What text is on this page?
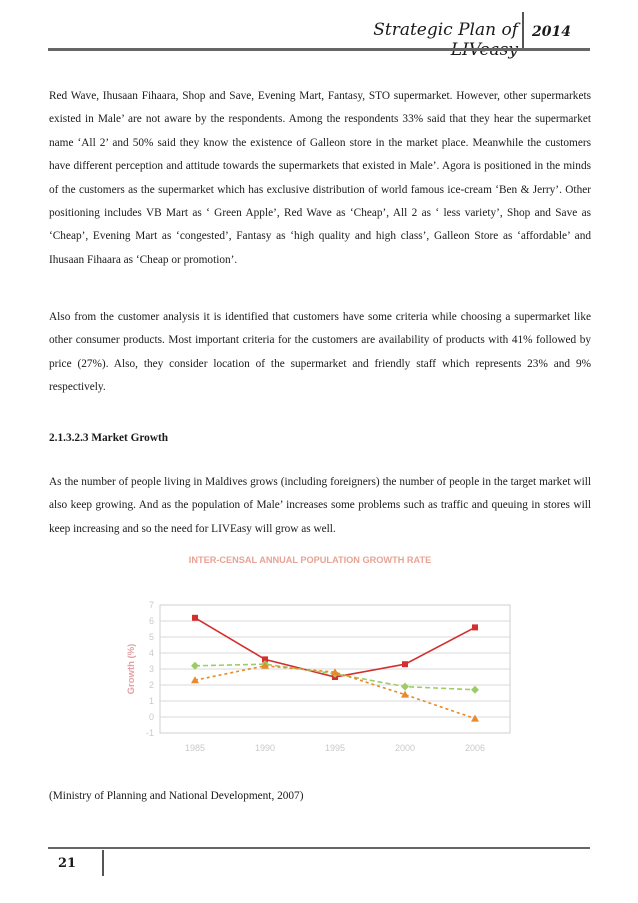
Strategic Plan of 2014

Red Wave, Ihusaan Fihaara, Shop and Save, Evening Mart, Fantasy, STO supermarket. However, other supermarkets existed in Male’ are not aware by the respondents. Among the respondents 33% said that they hear the supermarket name ‘All 2’ and 50% said they know the existence of Galleon store in the market place. Meanwhile the customers have different perception and attitude towards the supermarkets that existed in Male’. Agora is positioned in the minds of the customers as the supermarket which has exclusive distribution of world famous ice-cream ‘Ben & Jerry’. Other positioning includes VB Mart as ‘ Green Apple’, Red Wave as ‘Cheap’, All 2 as ‘ less variety’, Shop and Save as ‘Cheap’, Evening Mart as ‘congested’, Fantasy as ‘high quality and high class’, Galleon Store as ‘affordable’ and Ihusaan Fihaara as ‘Cheap or promotion’.

Also from the customer analysis it is identified that customers have some criteria while choosing a supermarket like other consumer products. Most important criteria for the customers are availability of products with 41% followed by price (27%). Also, they consider location of the supermarket and friendly staff which represents 23% and 9% respectively.

2.1.3.2.3 Market Growth

As the number of people living in Maldives grows (including foreigners) the number of people in the target market will also keep growing. And as the population of Male’ increases some problems such as traffic and queuing in stores will keep increasing and so the need for LIVEasy will grow as well.

INTER-CENSAL ANNUAL POPULATION GROWTH RATE
-1
0
1
2
3
4
5
6
7
1985	1990	1995	2000	2006
Growth (%)

(Ministry of Planning and National Development, 2007)

21
